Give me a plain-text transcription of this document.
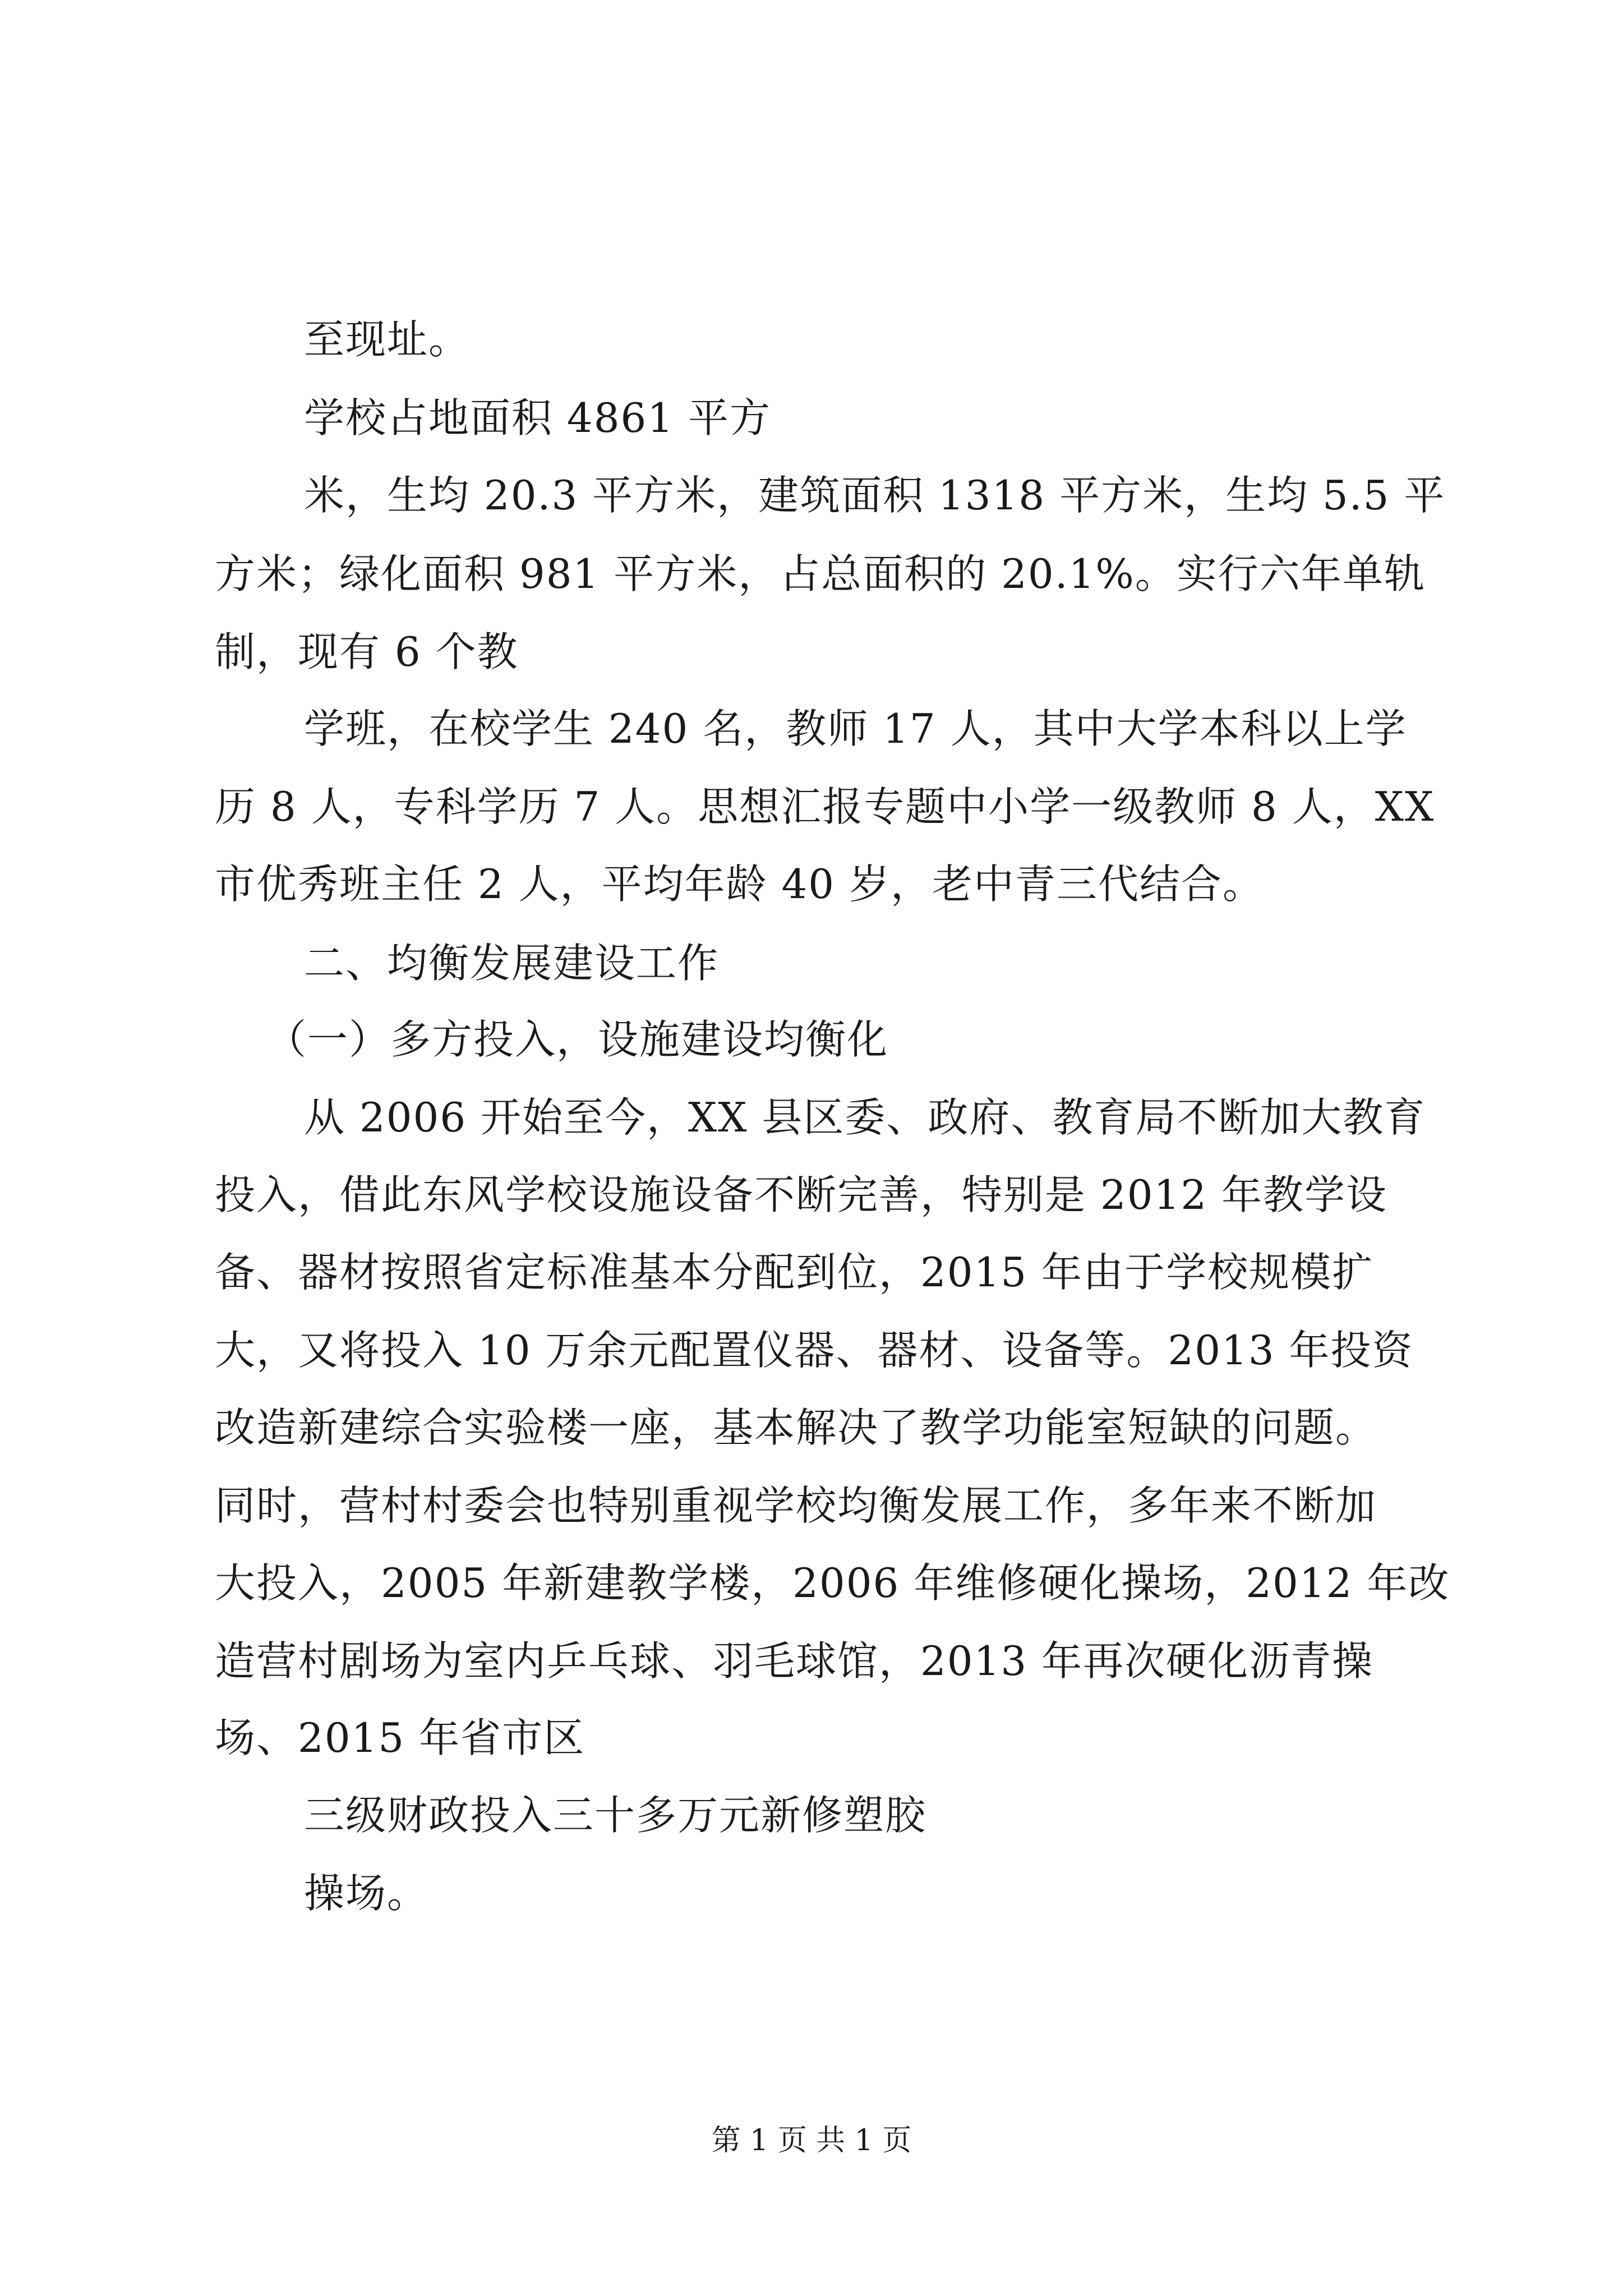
至现址。
学校占地面积 4861 平方
米，生均 20.3 平方米，建筑面积 1318 平方米，生均 5.5 平
方米；绿化面积 981 平方米，占总面积的 20.1%。实行六年单轨
制，现有 6 个教
学班，在校学生 240 名，教师 17 人，其中大学本科以上学
历 8 人，专科学历 7 人。思想汇报专题中小学一级教师 8 人，XX
市优秀班主任 2 人，平均年龄 40 岁，老中青三代结合。
二、均衡发展建设工作
（一）多方投入，设施建设均衡化
从 2006 开始至今，XX 县区委、政府、教育局不断加大教育
投入，借此东风学校设施设备不断完善，特别是 2012 年教学设
备、器材按照省定标准基本分配到位，2015 年由于学校规模扩
大，又将投入 10 万余元配置仪器、器材、设备等。2013 年投资
改造新建综合实验楼一座，基本解决了教学功能室短缺的问题。
同时，营村村委会也特别重视学校均衡发展工作，多年来不断加
大投入，2005 年新建教学楼，2006 年维修硬化操场，2012 年改
造营村剧场为室内乒乓球、羽毛球馆，2013 年再次硬化沥青操
场、2015 年省市区
三级财政投入三十多万元新修塑胶
操场。
第 1 页 共 1 页
